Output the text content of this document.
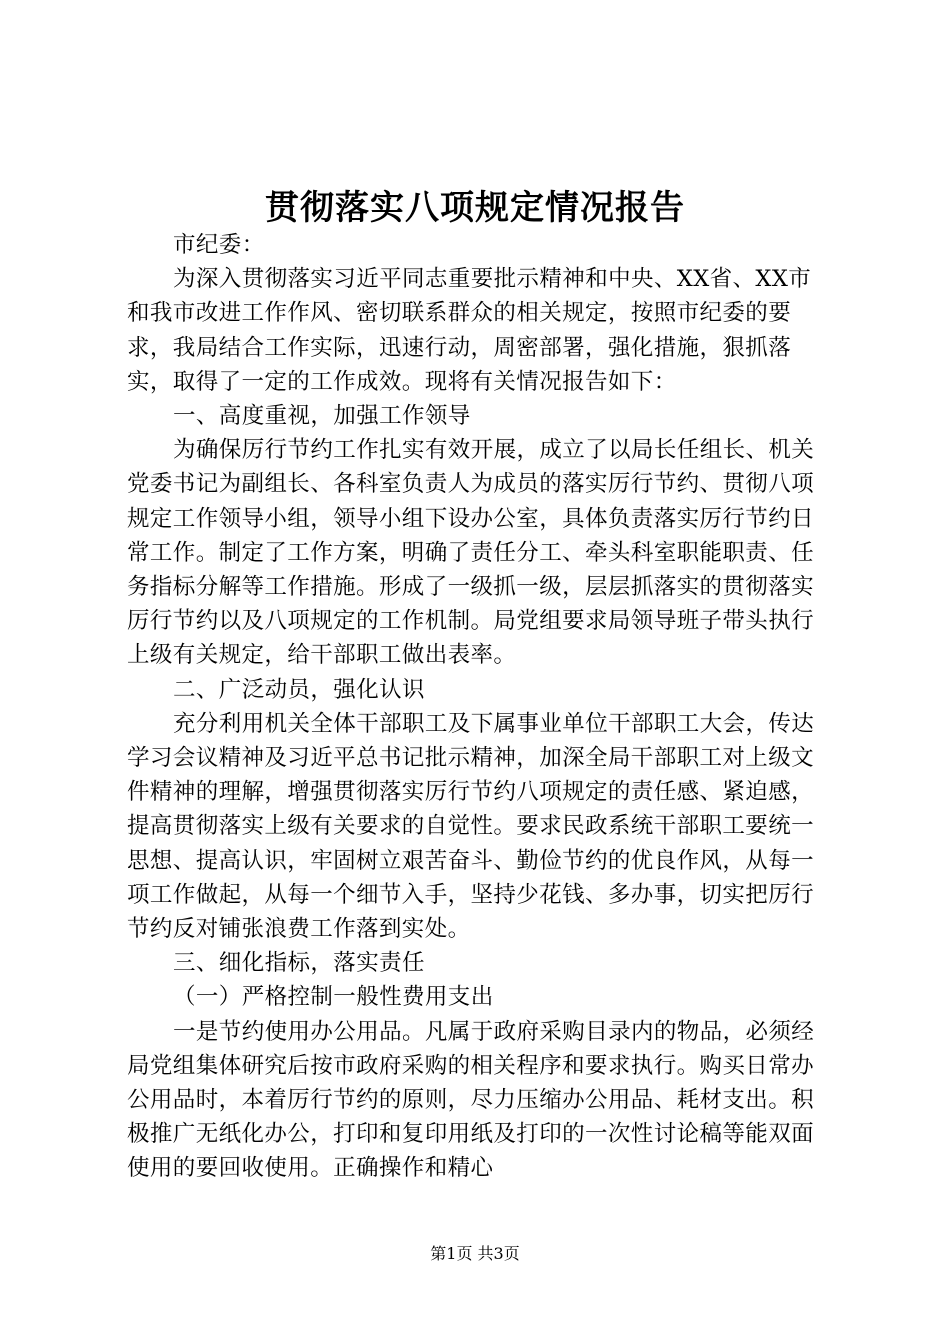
贯彻落实八项规定情况报告

市纪委：

为深入贯彻落实习近平同志重要批示精神和中央、XX省、XX市和我市改进工作作风、密切联系群众的相关规定，按照市纪委的要求，我局结合工作实际，迅速行动，周密部署，强化措施，狠抓落实，取得了一定的工作成效。现将有关情况报告如下：

一、高度重视，加强工作领导

为确保厉行节约工作扎实有效开展，成立了以局长任组长、机关党委书记为副组长、各科室负责人为成员的落实厉行节约、贯彻八项规定工作领导小组，领导小组下设办公室，具体负责落实厉行节约日常工作。制定了工作方案，明确了责任分工、牵头科室职能职责、任务指标分解等工作措施。形成了一级抓一级，层层抓落实的贯彻落实厉行节约以及八项规定的工作机制。局党组要求局领导班子带头执行上级有关规定，给干部职工做出表率。

二、广泛动员，强化认识

充分利用机关全体干部职工及下属事业单位干部职工大会，传达学习会议精神及习近平总书记批示精神，加深全局干部职工对上级文件精神的理解，增强贯彻落实厉行节约八项规定的责任感、紧迫感，提高贯彻落实上级有关要求的自觉性。要求民政系统干部职工要统一思想、提高认识，牢固树立艰苦奋斗、勤俭节约的优良作风，从每一项工作做起，从每一个细节入手，坚持少花钱、多办事，切实把厉行节约反对铺张浪费工作落到实处。

三、细化指标，落实责任

（一）严格控制一般性费用支出

一是节约使用办公用品。凡属于政府采购目录内的物品，必须经局党组集体研究后按市政府采购的相关程序和要求执行。购买日常办公用品时，本着厉行节约的原则，尽力压缩办公用品、耗材支出。积极推广无纸化办公，打印和复印用纸及打印的一次性讨论稿等能双面使用的要回收使用。正确操作和精心

第1页 共3页
